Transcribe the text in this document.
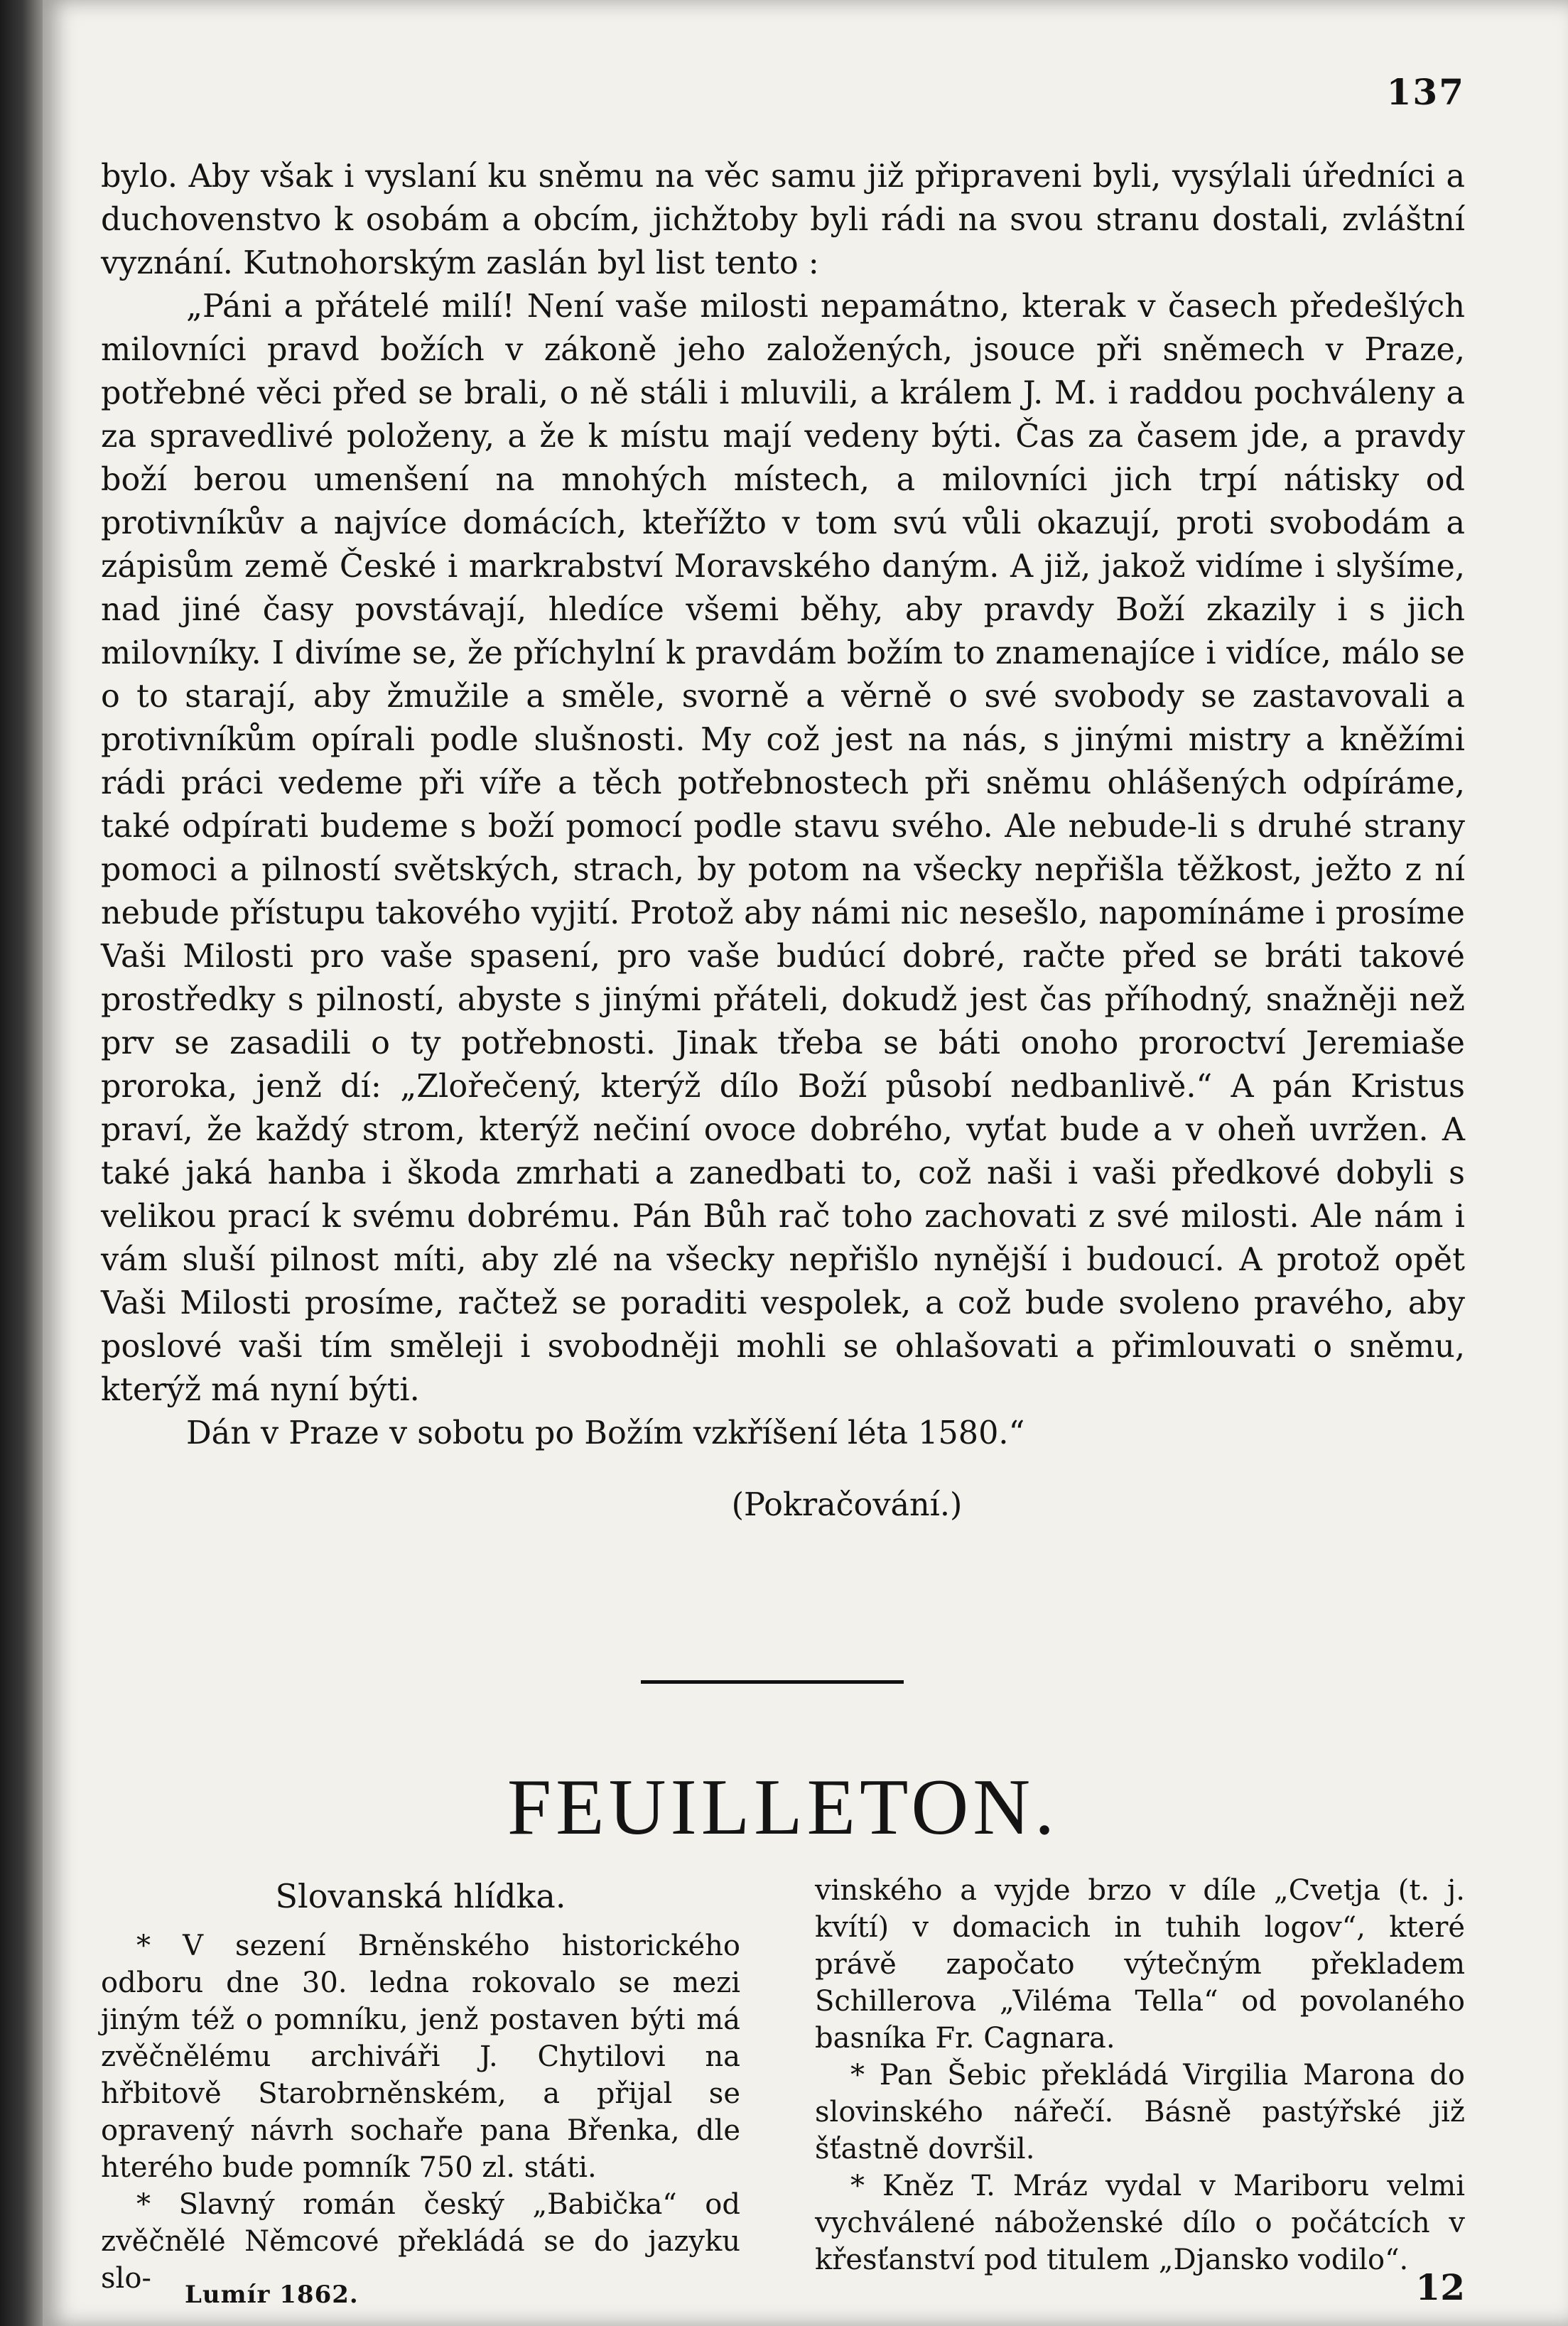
137

bylo. Aby však i vyslaní ku sněmu na věc samu již připraveni byli, vysýlali úředníci a duchovenstvo k osobám a obcím, jichžtoby byli rádi na svou stranu dostali, zvláštní vyznání. Kutnohorským zaslán byl list tento :

„Páni a přátelé milí! Není vaše milosti nepamátno, kterak v časech předešlých milovníci pravd božích v zákoně jeho založených, jsouce při sněmech v Praze, potřebné věci před se brali, o ně stáli i mluvili, a králem J. M. i raddou pochváleny a za spravedlivé položeny, a že k místu mají vedeny býti. Čas za časem jde, a pravdy boží berou umenšení na mnohých místech, a milovníci jich trpí nátisky od protivníkův a najvíce domácích, kteřížto v tom svú vůli okazují, proti svobodám a zápisům země České i markrabství Moravského daným. A již, jakož vidíme i slyšíme, nad jiné časy povstávají, hledíce všemi běhy, aby pravdy Boží zkazily i s jich milovníky. I divíme se, že příchylní k pravdám božím to znamenajíce i vidíce, málo se o to starají, aby žmužile a směle, svorně a věrně o své svobody se zastavovali a protivníkům opírali podle slušnosti. My což jest na nás, s jinými mistry a kněžími rádi práci vedeme při víře a těch potřebnostech při sněmu ohlášených odpíráme, také odpírati budeme s boží pomocí podle stavu svého. Ale nebude-li s druhé strany pomoci a pilností světských, strach, by potom na všecky nepřišla těžkost, ježto z ní nebude přístupu takového vyjití. Protož aby námi nic nesešlo, napomínáme i prosíme Vaši Milosti pro vaše spasení, pro vaše budúcí dobré, račte před se bráti takové prostředky s pilností, abyste s jinými přáteli, dokudž jest čas příhodný, snažněji než prv se zasadili o ty potřebnosti. Jinak třeba se báti onoho proroctví Jeremiaše proroka, jenž dí: „Zlořečený, kterýž dílo Boží působí nedbanlivě.“ A pán Kristus praví, že každý strom, kterýž nečiní ovoce dobrého, vyťat bude a v oheň uvržen. A také jaká hanba i škoda zmrhati a zanedbati to, což naši i vaši předkové dobyli s velikou prací k svému dobrému. Pán Bůh rač toho zachovati z své milosti. Ale nám i vám sluší pilnost míti, aby zlé na všecky nepřišlo nynější i budoucí. A protož opět Vaši Milosti prosíme, račtež se poraditi vespolek, a což bude svoleno pravého, aby poslové vaši tím směleji i svobodněji mohli se ohlašovati a přimlouvati o sněmu, kterýž má nyní býti.

Dán v Praze v sobotu po Božím vzkříšení léta 1580.“

(Pokračování.)

FEUILLETON.

Slovanská hlídka.

* V sezení Brněnského historického odboru dne 30. ledna rokovalo se mezi jiným též o pomníku, jenž postaven býti má zvěčnělému archiváři J. Chytilovi na hřbitově Starobrněnském, a přijal se opravený návrh sochaře pana Břenka, dle hterého bude pomník 750 zl. státi.

* Slavný román český „Babička“ od zvěčnělé Němcové překládá se do jazyku slo-

vinského a vyjde brzo v díle „Cvetja (t. j. kvítí) v domacich in tuhih logov“, které právě započato výtečným překladem Schillerova „Viléma Tella“ od povolaného basníka Fr. Cagnara.

* Pan Šebic překládá Virgilia Marona do slovinského nářečí. Básně pastýřské již šťastně dovršil.

* Kněz T. Mráz vydal v Mariboru velmi vychválené náboženské dílo o počátcích v křesťanství pod titulem „Djansko vodilo“.

Lumír 1862.	12
